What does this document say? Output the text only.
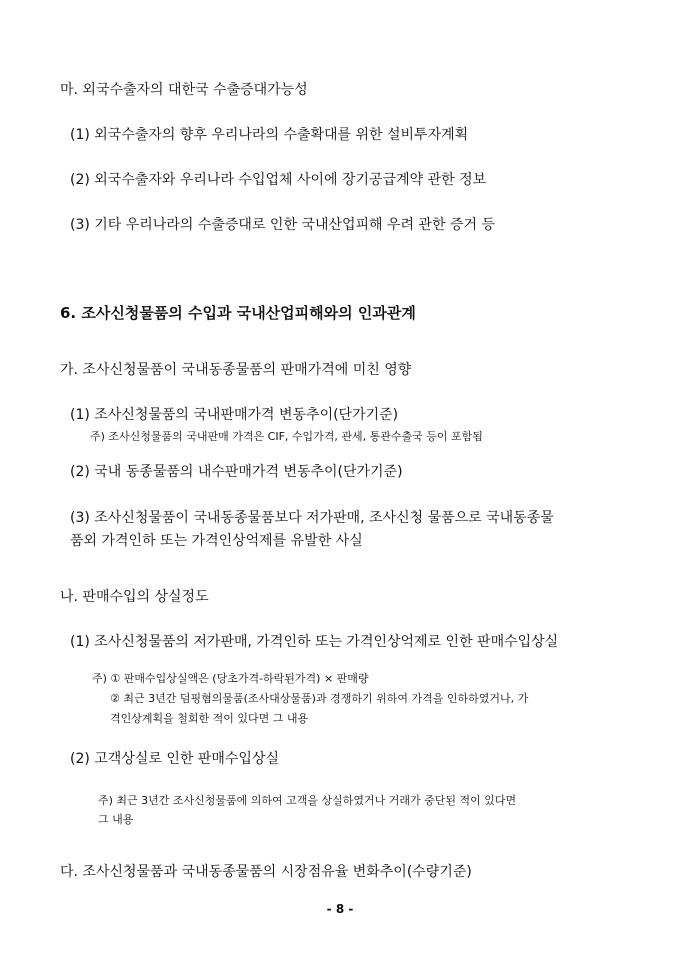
마. 외국수출자의 대한국 수출증대가능성

(1) 외국수출자의 향후 우리나라의 수출확대를 위한 설비투자계획

(2) 외국수출자와 우리나라 수입업체 사이에 장기공급계약 관한 정보

(3) 기타 우리나라의 수출증대로 인한 국내산업피해 우려 관한 증거 등

6. 조사신청물품의 수입과 국내산업피해와의 인과관계

가. 조사신청물품이 국내동종물품의 판매가격에 미친 영향

(1) 조사신청물품의 국내판매가격 변동추이(단가기준)

주) 조사신청물품의 국내판매 가격은 CIF, 수입가격, 관세, 통관수출국 등이 포함됨

(2) 국내 동종물품의 내수판매가격 변동추이(단가기준)

(3) 조사신청물품이 국내동종물품보다 저가판매, 조사신청 물품으로 국내동종물

품외 가격인하 또는 가격인상억제를 유발한 사실

나. 판매수입의 상실정도

(1) 조사신청물품의 저가판매, 가격인하 또는 가격인상억제로 인한 판매수입상실

주) ① 판매수입상실액은 (당초가격-하락된가격) × 판매량

② 최근 3년간 덤핑혐의물품(조사대상물품)과 경쟁하기 위하여 가격을 인하하였거나, 가

격인상계획을 철회한 적이 있다면 그 내용

(2) 고객상실로 인한 판매수입상실

주) 최근 3년간 조사신청물품에 의하여 고객을 상실하였거나 거래가 중단된 적이 있다면

그 내용

다. 조사신청물품과 국내동종물품의 시장점유율 변화추이(수량기준)

- 8 -
